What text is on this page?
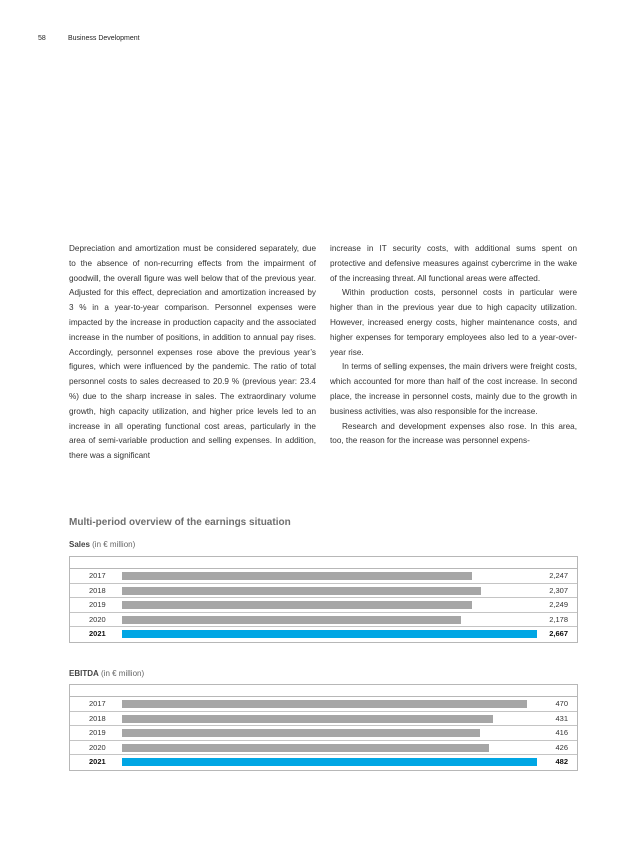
58	Business Development

Depreciation and amortization must be considered separately, due to the absence of non-recurring effects from the impairment of goodwill, the overall figure was well below that of the previous year. Adjusted for this effect, depreciation and amortization increased by 3 % in a year-to-year comparison. Personnel expenses were impacted by the increase in production capacity and the associated increase in the number of positions, in addition to annual pay rises. Accordingly, personnel expenses rose above the previous year’s figures, which were influenced by the pandemic. The ratio of total personnel costs to sales decreased to 20.9 % (previous year: 23.4 %) due to the sharp increase in sales. The extraordinary volume growth, high capacity utilization, and higher price levels led to an increase in all operating functional cost areas, particularly in the area of semi-variable production and selling expenses. In addition, there was a significant

increase in IT security costs, with additional sums spent on protective and defensive measures against cybercrime in the wake of the increasing threat. All functional areas were affected.

Within production costs, personnel costs in particular were higher than in the previous year due to high capacity utilization. However, increased energy costs, higher maintenance costs, and higher expenses for temporary employees also led to a year-over-year rise.

In terms of selling expenses, the main drivers were freight costs, which accounted for more than half of the cost increase. In second place, the increase in personnel costs, mainly due to the growth in business activities, was also responsible for the increase.

Research and development expenses also rose. In this area, too, the reason for the increase was personnel expens-

Multi-period overview of the earnings situation
Sales (in € million)
2017	2,247
2018	2,307
2019	2,249
2020	2,178
2021	2,667
EBITDA (in € million)
2017	470
2018	431
2019	416
2020	426
2021	482
